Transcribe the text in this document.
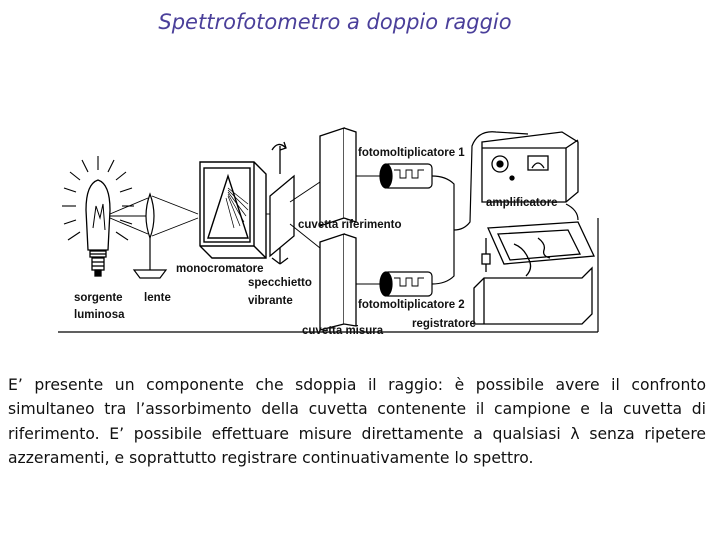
Spettrofotometro a doppio raggio
sorgente
luminosa
lente
monocromatore
specchietto
vibrante
cuvetta riferimento
cuvetta misura
fotomoltiplicatore 1
fotomoltiplicatore 2
amplificatore
registratore

E’ presente un componente che sdoppia il raggio: è possibile avere il confronto simultaneo tra l’assorbimento della cuvetta contenente il campione e la cuvetta di riferimento. E’ possibile effettuare misure direttamente a qualsiasi λ senza ripetere azzeramenti, e soprattutto registrare continuativamente lo spettro.
